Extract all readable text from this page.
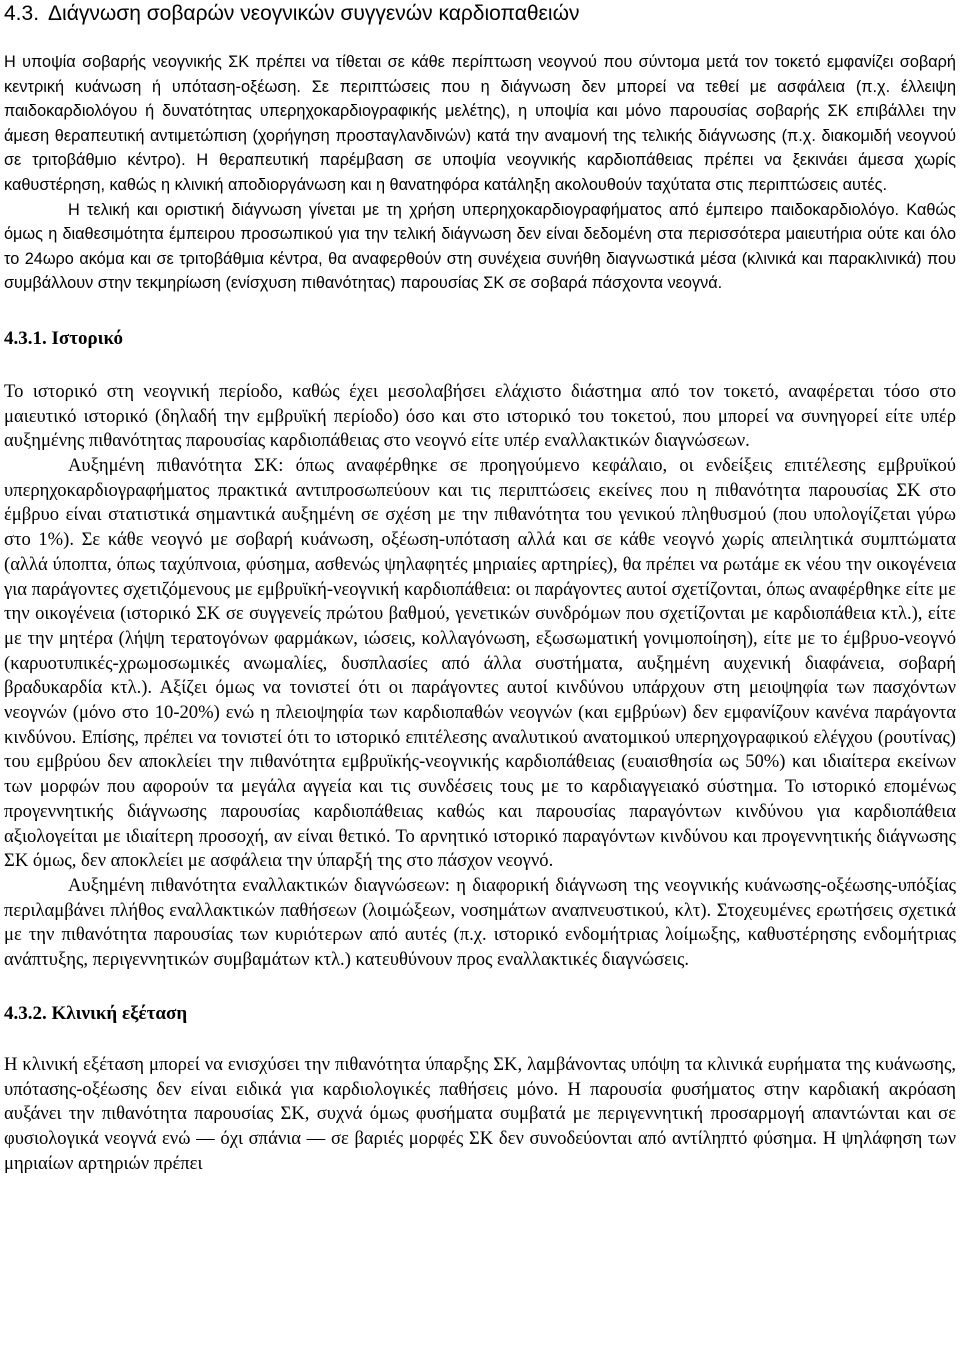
4.3. Διάγνωση σοβαρών νεογνικών συγγενών καρδιοπαθειών

Η υποψία σοβαρής νεογνικής ΣΚ πρέπει να τίθεται σε κάθε περίπτωση νεογνού που σύντομα μετά τον τοκετό εμφανίζει σοβαρή κεντρική κυάνωση ή υπόταση-οξέωση. Σε περιπτώσεις που η διάγνωση δεν μπορεί να τεθεί με ασφάλεια (π.χ. έλλειψη παιδοκαρδιολόγου ή δυνατότητας υπερηχοκαρδιογραφικής μελέτης), η υποψία και μόνο παρουσίας σοβαρής ΣΚ επιβάλλει την άμεση θεραπευτική αντιμετώπιση (χορήγηση προσταγλανδινών) κατά την αναμονή της τελικής διάγνωσης (π.χ. διακομιδή νεογνού σε τριτοβάθμιο κέντρο). Η θεραπευτική παρέμβαση σε υποψία νεογνικής καρδιοπάθειας πρέπει να ξεκινάει άμεσα χωρίς καθυστέρηση, καθώς η κλινική αποδιοργάνωση και η θανατηφόρα κατάληξη ακολουθούν ταχύτατα στις περιπτώσεις αυτές.

Η τελική και οριστική διάγνωση γίνεται με τη χρήση υπερηχοκαρδιογραφήματος από έμπειρο παιδοκαρδιολόγο. Καθώς όμως η διαθεσιμότητα έμπειρου προσωπικού για την τελική διάγνωση δεν είναι δεδομένη στα περισσότερα μαιευτήρια ούτε και όλο το 24ωρο ακόμα και σε τριτοβάθμια κέντρα, θα αναφερθούν στη συνέχεια συνήθη διαγνωστικά μέσα (κλινικά και παρακλινικά) που συμβάλλουν στην τεκμηρίωση (ενίσχυση πιθανότητας) παρουσίας ΣΚ σε σοβαρά πάσχοντα νεογνά.

4.3.1. Ιστορικό

Το ιστορικό στη νεογνική περίοδο, καθώς έχει μεσολαβήσει ελάχιστο διάστημα από τον τοκετό, αναφέρεται τόσο στο μαιευτικό ιστορικό (δηλαδή την εμβρυϊκή περίοδο) όσο και στο ιστορικό του τοκετού, που μπορεί να συνηγορεί είτε υπέρ αυξημένης πιθανότητας παρουσίας καρδιοπάθειας στο νεογνό είτε υπέρ εναλλακτικών διαγνώσεων.

Αυξημένη πιθανότητα ΣΚ: όπως αναφέρθηκε σε προηγούμενο κεφάλαιο, οι ενδείξεις επιτέλεσης εμβρυϊκού υπερηχοκαρδιογραφήματος πρακτικά αντιπροσωπεύουν και τις περιπτώσεις εκείνες που η πιθανότητα παρουσίας ΣΚ στο έμβρυο είναι στατιστικά σημαντικά αυξημένη σε σχέση με την πιθανότητα του γενικού πληθυσμού (που υπολογίζεται γύρω στο 1%). Σε κάθε νεογνό με σοβαρή κυάνωση, οξέωση-υπόταση αλλά και σε κάθε νεογνό χωρίς απειλητικά συμπτώματα (αλλά ύποπτα, όπως ταχύπνοια, φύσημα, ασθενώς ψηλαφητές μηριαίες αρτηρίες), θα πρέπει να ρωτάμε εκ νέου την οικογένεια για παράγοντες σχετιζόμενους με εμβρυϊκή-νεογνική καρδιοπάθεια: οι παράγοντες αυτοί σχετίζονται, όπως αναφέρθηκε είτε με την οικογένεια (ιστορικό ΣΚ σε συγγενείς πρώτου βαθμού, γενετικών συνδρόμων που σχετίζονται με καρδιοπάθεια κτλ.), είτε με την μητέρα (λήψη τερατογόνων φαρμάκων, ιώσεις, κολλαγόνωση, εξωσωματική γονιμοποίηση), είτε με το έμβρυο-νεογνό (καρυοτυπικές-χρωμοσωμικές ανωμαλίες, δυσπλασίες από άλλα συστήματα, αυξημένη αυχενική διαφάνεια, σοβαρή βραδυκαρδία κτλ.). Αξίζει όμως να τονιστεί ότι οι παράγοντες αυτοί κινδύνου υπάρχουν στη μειοψηφία των πασχόντων νεογνών (μόνο στο 10-20%) ενώ η πλειοψηφία των καρδιοπαθών νεογνών (και εμβρύων) δεν εμφανίζουν κανένα παράγοντα κινδύνου. Επίσης, πρέπει να τονιστεί ότι το ιστορικό επιτέλεσης αναλυτικού ανατομικού υπερηχογραφικού ελέγχου (ρουτίνας) του εμβρύου δεν αποκλείει την πιθανότητα εμβρυϊκής-νεογνικής καρδιοπάθειας (ευαισθησία ως 50%) και ιδιαίτερα εκείνων των μορφών που αφορούν τα μεγάλα αγγεία και τις συνδέσεις τους με το καρδιαγγειακό σύστημα. Το ιστορικό επομένως προγεννητικής διάγνωσης παρουσίας καρδιοπάθειας καθώς και παρουσίας παραγόντων κινδύνου για καρδιοπάθεια αξιολογείται με ιδιαίτερη προσοχή, αν είναι θετικό. Το αρνητικό ιστορικό παραγόντων κινδύνου και προγεννητικής διάγνωσης ΣΚ όμως, δεν αποκλείει με ασφάλεια την ύπαρξή της στο πάσχον νεογνό.

Αυξημένη πιθανότητα εναλλακτικών διαγνώσεων: η διαφορική διάγνωση της νεογνικής κυάνωσης-οξέωσης-υπόξίας περιλαμβάνει πλήθος εναλλακτικών παθήσεων (λοιμώξεων, νοσημάτων αναπνευστικού, κλτ). Στοχευμένες ερωτήσεις σχετικά με την πιθανότητα παρουσίας των κυριότερων από αυτές (π.χ. ιστορικό ενδομήτριας λοίμωξης, καθυστέρησης ενδομήτριας ανάπτυξης, περιγεννητικών συμβαμάτων κτλ.) κατευθύνουν προς εναλλακτικές διαγνώσεις.

4.3.2. Κλινική εξέταση

Η κλινική εξέταση μπορεί να ενισχύσει την πιθανότητα ύπαρξης ΣΚ, λαμβάνοντας υπόψη τα κλινικά ευρήματα της κυάνωσης, υπότασης-οξέωσης δεν είναι ειδικά για καρδιολογικές παθήσεις μόνο. Η παρουσία φυσήματος στην καρδιακή ακρόαση αυξάνει την πιθανότητα παρουσίας ΣΚ, συχνά όμως φυσήματα συμβατά με περιγεννητική προσαρμογή απαντώνται και σε φυσιολογικά νεογνά ενώ — όχι σπάνια — σε βαριές μορφές ΣΚ δεν συνοδεύονται από αντίληπτό φύσημα. Η ψηλάφηση των μηριαίων αρτηριών πρέπει
